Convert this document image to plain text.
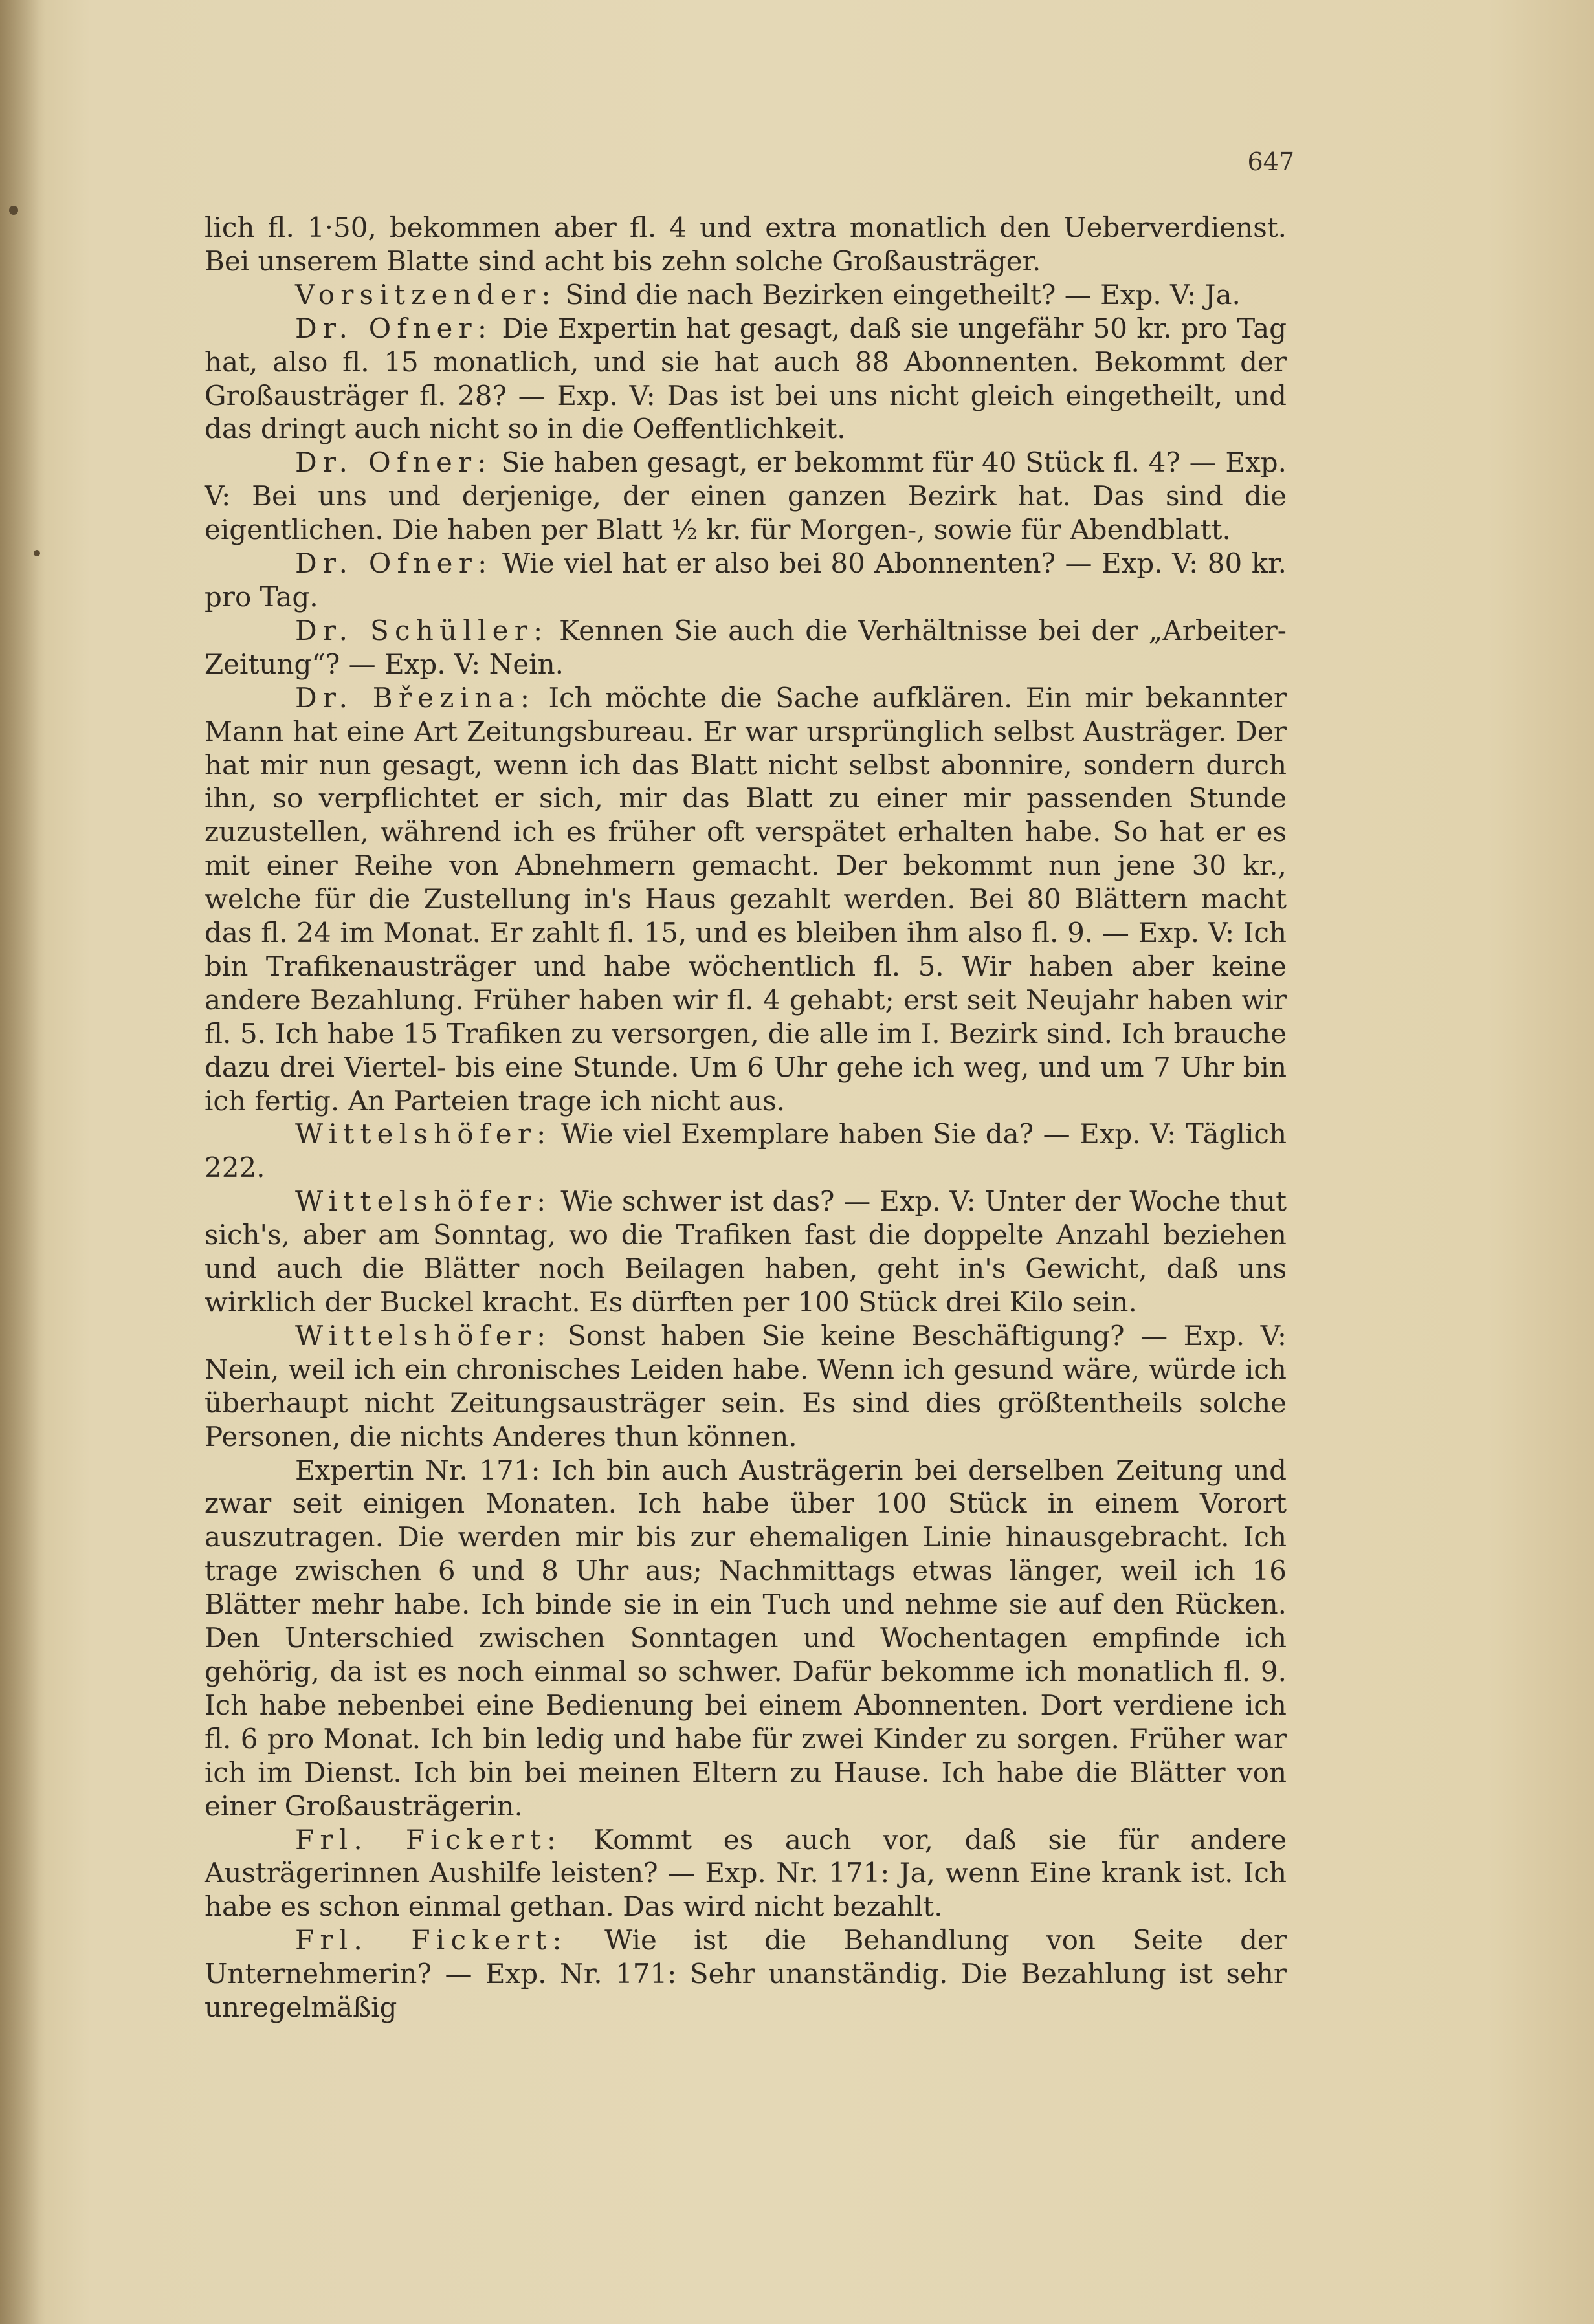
647

lich fl. 1·50, bekommen aber fl. 4 und extra monatlich den Ueberverdienst. Bei unserem Blatte sind acht bis zehn solche Großausträger.

Vorsitzender: Sind die nach Bezirken eingetheilt? — Exp. V: Ja.

Dr. Ofner: Die Expertin hat gesagt, daß sie ungefähr 50 kr. pro Tag hat, also fl. 15 monatlich, und sie hat auch 88 Abonnenten. Bekommt der Großausträger fl. 28? — Exp. V: Das ist bei uns nicht gleich eingetheilt, und das dringt auch nicht so in die Oeffentlichkeit.

Dr. Ofner: Sie haben gesagt, er bekommt für 40 Stück fl. 4? — Exp. V: Bei uns und derjenige, der einen ganzen Bezirk hat. Das sind die eigentlichen. Die haben per Blatt ½ kr. für Morgen-, sowie für Abendblatt.

Dr. Ofner: Wie viel hat er also bei 80 Abonnenten? — Exp. V: 80 kr. pro Tag.

Dr. Schüller: Kennen Sie auch die Verhältnisse bei der „Arbeiter-Zeitung“? — Exp. V: Nein.

Dr. Březina: Ich möchte die Sache aufklären. Ein mir bekannter Mann hat eine Art Zeitungsbureau. Er war ursprünglich selbst Austräger. Der hat mir nun gesagt, wenn ich das Blatt nicht selbst abonnire, sondern durch ihn, so verpflichtet er sich, mir das Blatt zu einer mir passenden Stunde zuzustellen, während ich es früher oft verspätet erhalten habe. So hat er es mit einer Reihe von Abnehmern gemacht. Der bekommt nun jene 30 kr., welche für die Zustellung in's Haus gezahlt werden. Bei 80 Blättern macht das fl. 24 im Monat. Er zahlt fl. 15, und es bleiben ihm also fl. 9. — Exp. V: Ich bin Trafikenausträger und habe wöchentlich fl. 5. Wir haben aber keine andere Bezahlung. Früher haben wir fl. 4 gehabt; erst seit Neujahr haben wir fl. 5. Ich habe 15 Trafiken zu versorgen, die alle im I. Bezirk sind. Ich brauche dazu drei Viertel- bis eine Stunde. Um 6 Uhr gehe ich weg, und um 7 Uhr bin ich fertig. An Parteien trage ich nicht aus.

Wittelshöfer: Wie viel Exemplare haben Sie da? — Exp. V: Täglich 222.

Wittelshöfer: Wie schwer ist das? — Exp. V: Unter der Woche thut sich's, aber am Sonntag, wo die Trafiken fast die doppelte Anzahl beziehen und auch die Blätter noch Beilagen haben, geht in's Gewicht, daß uns wirklich der Buckel kracht. Es dürften per 100 Stück drei Kilo sein.

Wittelshöfer: Sonst haben Sie keine Beschäftigung? — Exp. V: Nein, weil ich ein chronisches Leiden habe. Wenn ich gesund wäre, würde ich überhaupt nicht Zeitungsausträger sein. Es sind dies größtentheils solche Personen, die nichts Anderes thun können.

Expertin Nr. 171: Ich bin auch Austrägerin bei derselben Zeitung und zwar seit einigen Monaten. Ich habe über 100 Stück in einem Vorort auszutragen. Die werden mir bis zur ehemaligen Linie hinausgebracht. Ich trage zwischen 6 und 8 Uhr aus; Nachmittags etwas länger, weil ich 16 Blätter mehr habe. Ich binde sie in ein Tuch und nehme sie auf den Rücken. Den Unterschied zwischen Sonntagen und Wochentagen empfinde ich gehörig, da ist es noch einmal so schwer. Dafür bekomme ich monatlich fl. 9. Ich habe nebenbei eine Bedienung bei einem Abonnenten. Dort verdiene ich fl. 6 pro Monat. Ich bin ledig und habe für zwei Kinder zu sorgen. Früher war ich im Dienst. Ich bin bei meinen Eltern zu Hause. Ich habe die Blätter von einer Großausträgerin.

Frl. Fickert: Kommt es auch vor, daß sie für andere Austrägerinnen Aushilfe leisten? — Exp. Nr. 171: Ja, wenn Eine krank ist. Ich habe es schon einmal gethan. Das wird nicht bezahlt.

Frl. Fickert: Wie ist die Behandlung von Seite der Unternehmerin? — Exp. Nr. 171: Sehr unanständig. Die Bezahlung ist sehr unregelmäßig
